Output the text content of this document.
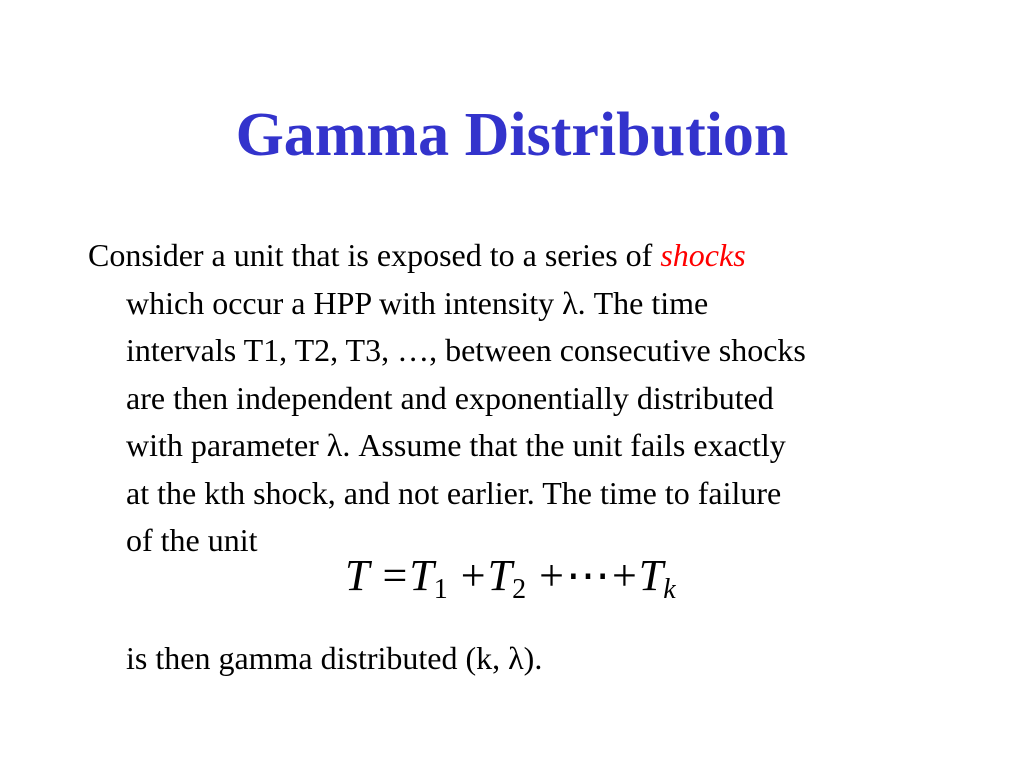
Gamma Distribution
Consider a unit that is exposed to a series of shocks
which occur a HPP with intensity λ. The time
intervals T1, T2, T3, …, between consecutive shocks
are then independent and exponentially distributed
with parameter λ. Assume that the unit fails exactly
at the kth shock, and not earlier. The time to failure
of the unit
$T =T_1 +T_2$ $+\cdots+T_k$
is then gamma distributed (k, λ).
